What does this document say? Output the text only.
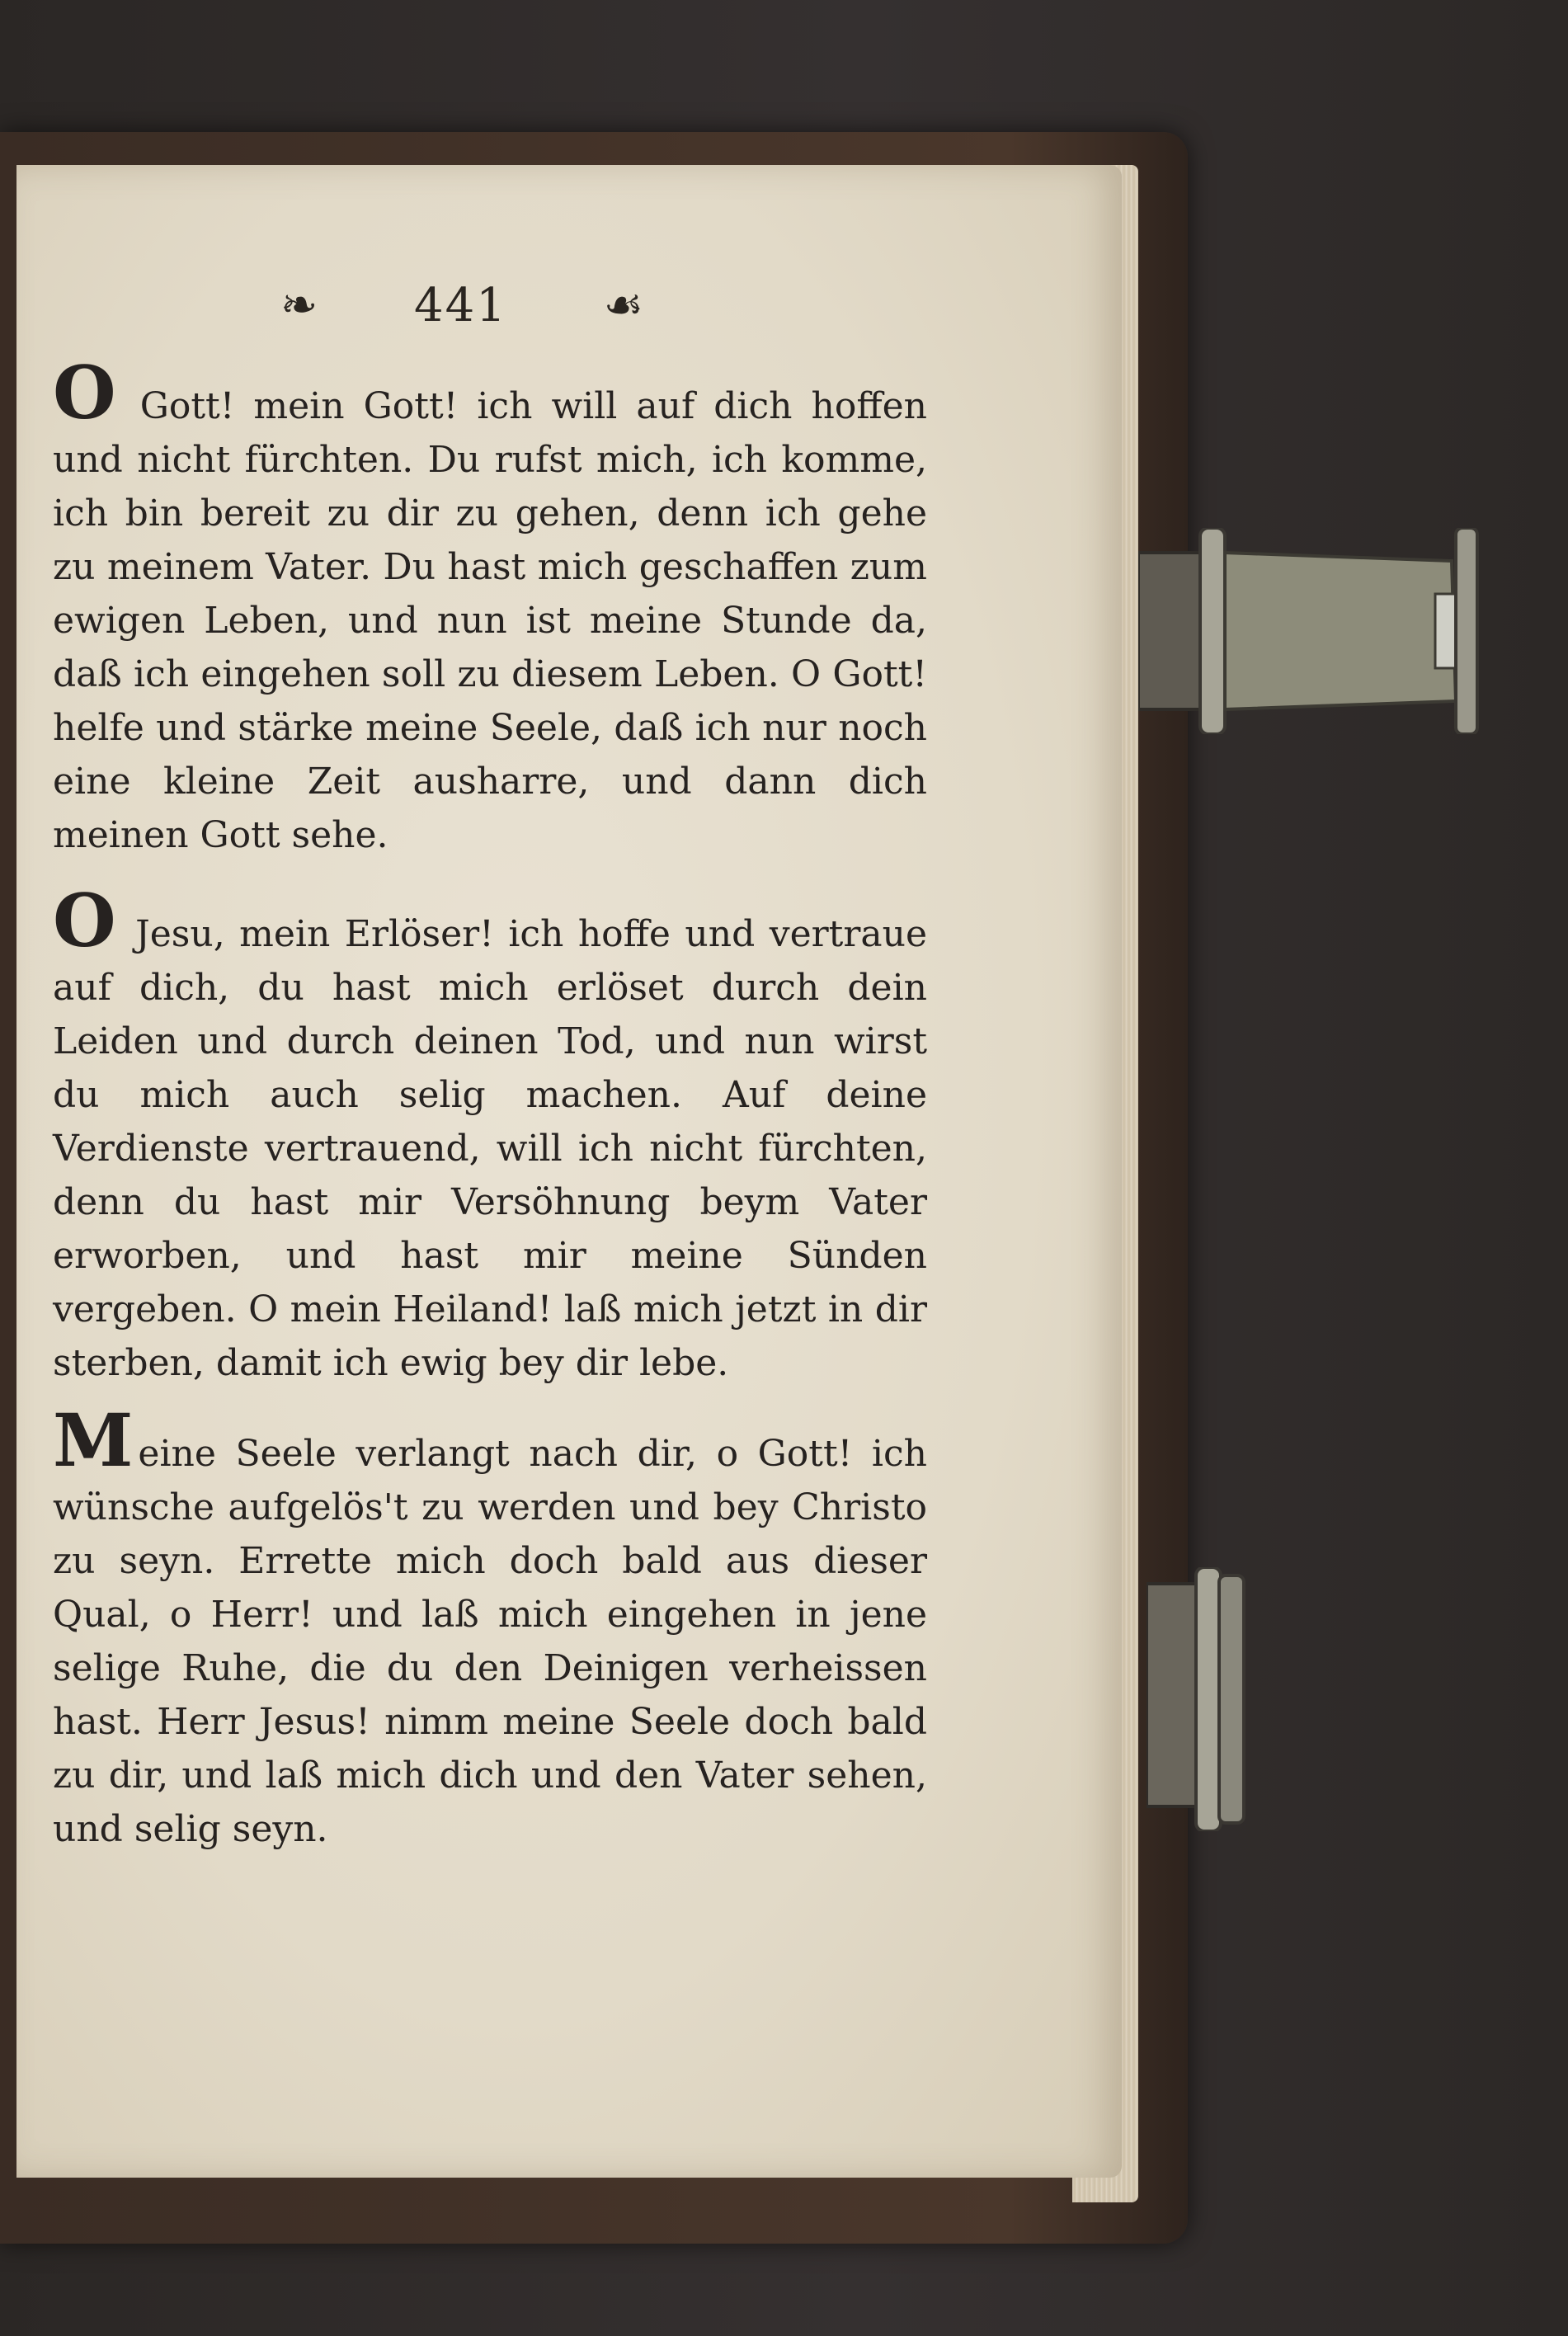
❧ 441 ☙

O Gott! mein Gott! ich will auf dich hoffen und nicht fürchten. Du rufst mich, ich komme, ich bin bereit zu dir zu gehen, denn ich gehe zu meinem Vater. Du hast mich geschaffen zum ewigen Leben, und nun ist meine Stunde da, daß ich eingehen soll zu diesem Leben. O Gott! helfe und stärke meine Seele, daß ich nur noch eine kleine Zeit ausharre, und dann dich meinen Gott sehe.

O Jesu, mein Erlöser! ich hoffe und vertraue auf dich, du hast mich erlöset durch dein Leiden und durch deinen Tod, und nun wirst du mich auch selig machen. Auf deine Verdienste vertrauend, will ich nicht fürchten, denn du hast mir Versöhnung beym Vater erworben, und hast mir meine Sünden vergeben. O mein Heiland! laß mich jetzt in dir sterben, damit ich ewig bey dir lebe.

Meine Seele verlangt nach dir, o Gott! ich wünsche aufgelös't zu werden und bey Christo zu seyn. Errette mich doch bald aus dieser Qual, o Herr! und laß mich eingehen in jene selige Ruhe, die du den Deinigen verheissen hast. Herr Jesus! nimm meine Seele doch bald zu dir, und laß mich dich und den Vater sehen, und selig seyn.
